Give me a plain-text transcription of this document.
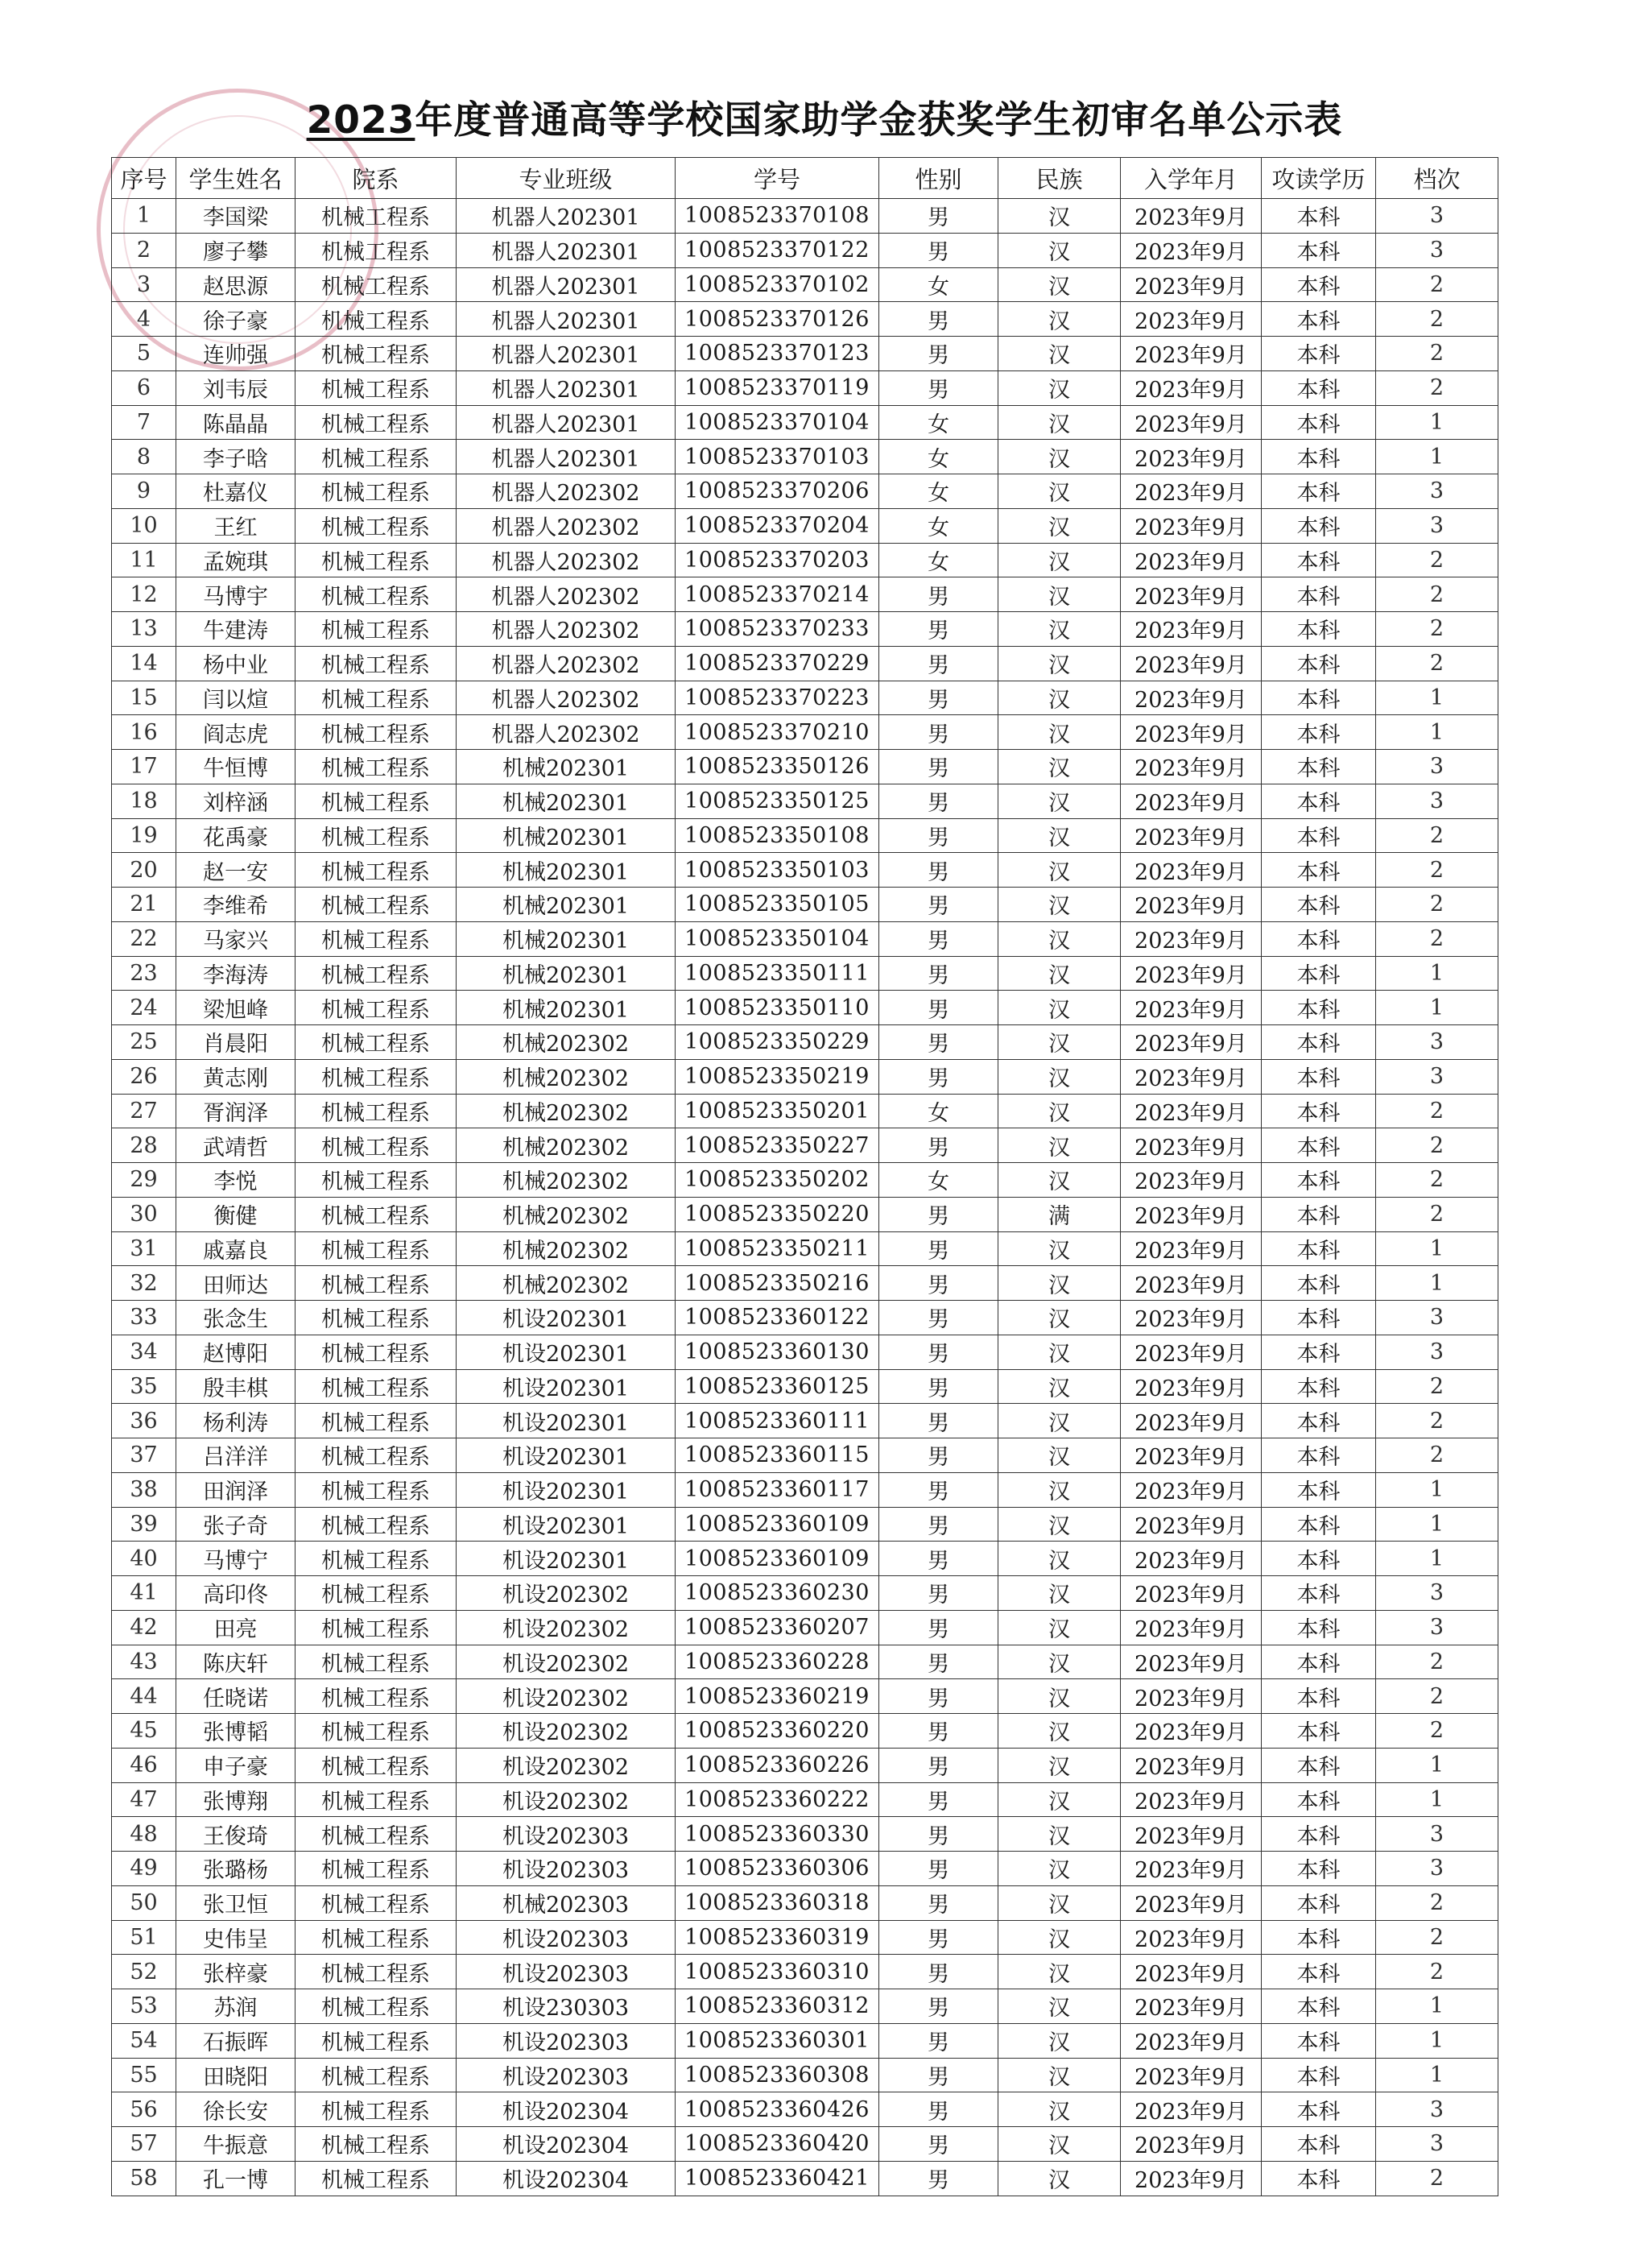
2023年度普通高等学校国家助学金获奖学生初审名单公示表
序号	学生姓名	院系	专业班级	学号	性别	民族	入学年月	攻读学历	档次
1	李国梁	机械工程系	机器人202301	1008523370108	男	汉	2023年9月	本科	3
2	廖子攀	机械工程系	机器人202301	1008523370122	男	汉	2023年9月	本科	3
3	赵思源	机械工程系	机器人202301	1008523370102	女	汉	2023年9月	本科	2
4	徐子豪	机械工程系	机器人202301	1008523370126	男	汉	2023年9月	本科	2
5	连帅强	机械工程系	机器人202301	1008523370123	男	汉	2023年9月	本科	2
6	刘韦辰	机械工程系	机器人202301	1008523370119	男	汉	2023年9月	本科	2
7	陈晶晶	机械工程系	机器人202301	1008523370104	女	汉	2023年9月	本科	1
8	李子晗	机械工程系	机器人202301	1008523370103	女	汉	2023年9月	本科	1
9	杜嘉仪	机械工程系	机器人202302	1008523370206	女	汉	2023年9月	本科	3
10	王红	机械工程系	机器人202302	1008523370204	女	汉	2023年9月	本科	3
11	孟婉琪	机械工程系	机器人202302	1008523370203	女	汉	2023年9月	本科	2
12	马博宇	机械工程系	机器人202302	1008523370214	男	汉	2023年9月	本科	2
13	牛建涛	机械工程系	机器人202302	1008523370233	男	汉	2023年9月	本科	2
14	杨中业	机械工程系	机器人202302	1008523370229	男	汉	2023年9月	本科	2
15	闫以煊	机械工程系	机器人202302	1008523370223	男	汉	2023年9月	本科	1
16	阎志虎	机械工程系	机器人202302	1008523370210	男	汉	2023年9月	本科	1
17	牛恒博	机械工程系	机械202301	1008523350126	男	汉	2023年9月	本科	3
18	刘梓涵	机械工程系	机械202301	1008523350125	男	汉	2023年9月	本科	3
19	花禹豪	机械工程系	机械202301	1008523350108	男	汉	2023年9月	本科	2
20	赵一安	机械工程系	机械202301	1008523350103	男	汉	2023年9月	本科	2
21	李维希	机械工程系	机械202301	1008523350105	男	汉	2023年9月	本科	2
22	马家兴	机械工程系	机械202301	1008523350104	男	汉	2023年9月	本科	2
23	李海涛	机械工程系	机械202301	1008523350111	男	汉	2023年9月	本科	1
24	梁旭峰	机械工程系	机械202301	1008523350110	男	汉	2023年9月	本科	1
25	肖晨阳	机械工程系	机械202302	1008523350229	男	汉	2023年9月	本科	3
26	黄志刚	机械工程系	机械202302	1008523350219	男	汉	2023年9月	本科	3
27	胥润泽	机械工程系	机械202302	1008523350201	女	汉	2023年9月	本科	2
28	武靖哲	机械工程系	机械202302	1008523350227	男	汉	2023年9月	本科	2
29	李悦	机械工程系	机械202302	1008523350202	女	汉	2023年9月	本科	2
30	衡健	机械工程系	机械202302	1008523350220	男	满	2023年9月	本科	2
31	戚嘉良	机械工程系	机械202302	1008523350211	男	汉	2023年9月	本科	1
32	田师达	机械工程系	机械202302	1008523350216	男	汉	2023年9月	本科	1
33	张念生	机械工程系	机设202301	1008523360122	男	汉	2023年9月	本科	3
34	赵博阳	机械工程系	机设202301	1008523360130	男	汉	2023年9月	本科	3
35	殷丰棋	机械工程系	机设202301	1008523360125	男	汉	2023年9月	本科	2
36	杨利涛	机械工程系	机设202301	1008523360111	男	汉	2023年9月	本科	2
37	吕洋洋	机械工程系	机设202301	1008523360115	男	汉	2023年9月	本科	2
38	田润泽	机械工程系	机设202301	1008523360117	男	汉	2023年9月	本科	1
39	张子奇	机械工程系	机设202301	1008523360109	男	汉	2023年9月	本科	1
40	马博宁	机械工程系	机设202301	1008523360109	男	汉	2023年9月	本科	1
41	高印佟	机械工程系	机设202302	1008523360230	男	汉	2023年9月	本科	3
42	田亮	机械工程系	机设202302	1008523360207	男	汉	2023年9月	本科	3
43	陈庆轩	机械工程系	机设202302	1008523360228	男	汉	2023年9月	本科	2
44	任晓诺	机械工程系	机设202302	1008523360219	男	汉	2023年9月	本科	2
45	张博韬	机械工程系	机设202302	1008523360220	男	汉	2023年9月	本科	2
46	申子豪	机械工程系	机设202302	1008523360226	男	汉	2023年9月	本科	1
47	张博翔	机械工程系	机设202302	1008523360222	男	汉	2023年9月	本科	1
48	王俊琦	机械工程系	机设202303	1008523360330	男	汉	2023年9月	本科	3
49	张璐杨	机械工程系	机设202303	1008523360306	男	汉	2023年9月	本科	3
50	张卫恒	机械工程系	机械202303	1008523360318	男	汉	2023年9月	本科	2
51	史伟呈	机械工程系	机设202303	1008523360319	男	汉	2023年9月	本科	2
52	张梓豪	机械工程系	机设202303	1008523360310	男	汉	2023年9月	本科	2
53	苏润	机械工程系	机设230303	1008523360312	男	汉	2023年9月	本科	1
54	石振晖	机械工程系	机设202303	1008523360301	男	汉	2023年9月	本科	1
55	田晓阳	机械工程系	机设202303	1008523360308	男	汉	2023年9月	本科	1
56	徐长安	机械工程系	机设202304	1008523360426	男	汉	2023年9月	本科	3
57	牛振意	机械工程系	机设202304	1008523360420	男	汉	2023年9月	本科	3
58	孔一博	机械工程系	机设202304	1008523360421	男	汉	2023年9月	本科	2
